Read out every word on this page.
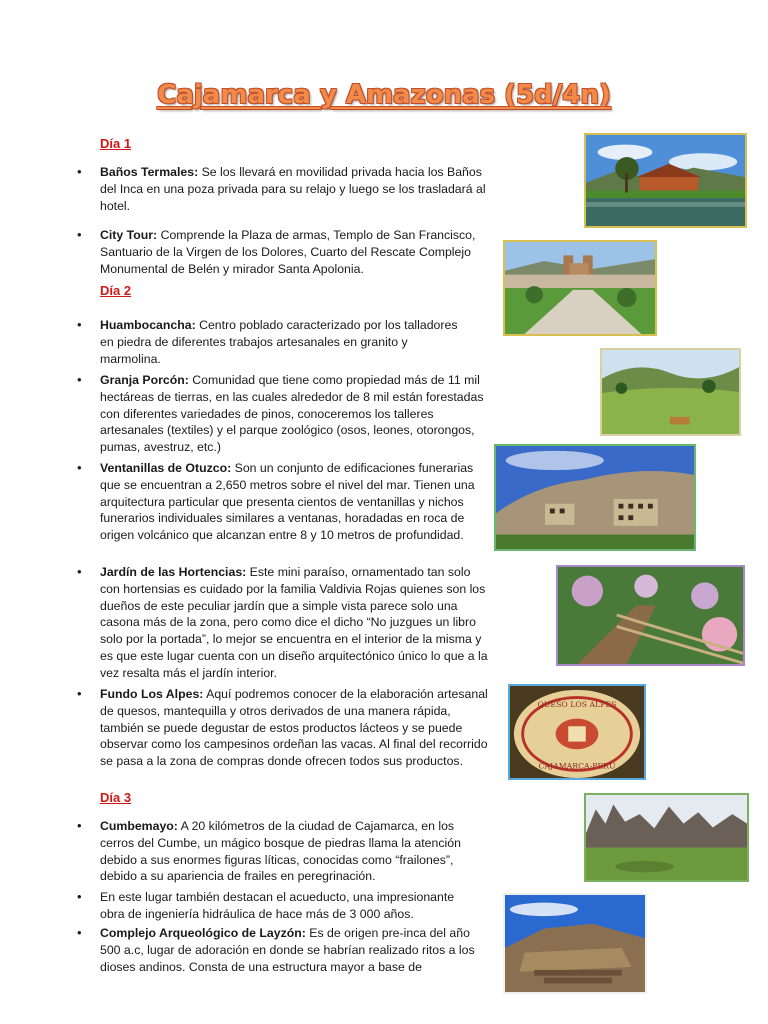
Cajamarca y Amazonas (5d/4n)
Día 1
Día 2
Día 3
• Baños Termales: Se los llevará en movilidad privada hacia los Baños del Inca en una poza privada para su relajo y luego se los trasladará al hotel.
• City Tour: Comprende la Plaza de armas, Templo de San Francisco, Santuario de la Virgen de los Dolores, Cuarto del Rescate Complejo Monumental de Belén y mirador Santa Apolonia.
• Huambocancha: Centro poblado caracterizado por los talladores en piedra de diferentes trabajos artesanales en granito y marmolina.
• Granja Porcón: Comunidad que tiene como propiedad más de 11 mil hectáreas de tierras, en las cuales alrededor de 8 mil están forestadas con diferentes variedades de pinos, conoceremos los talleres artesanales (textiles) y el parque zoológico (osos, leones, otorongos, pumas, avestruz, etc.)
• Ventanillas de Otuzco: Son un conjunto de edificaciones funerarias que se encuentran a 2,650 metros sobre el nivel del mar. Tienen una arquitectura particular que presenta cientos de ventanillas y nichos funerarios individuales similares a ventanas, horadadas en roca de origen volcánico que alcanzan entre 8 y 10 metros de profundidad.
• Jardín de las Hortencias: Este mini paraíso, ornamentado tan solo con hortensias es cuidado por la familia Valdivia Rojas quienes son los dueños de este peculiar jardín que a simple vista parece solo una casona más de la zona, pero como dice el dicho “No juzgues un libro solo por la portada”, lo mejor se encuentra en el interior de la misma y es que este lugar cuenta con un diseño arquitectónico único lo que a la vez resalta más el jardín interior.
• Fundo Los Alpes: Aquí podremos conocer de la elaboración artesanal de quesos, mantequilla y otros derivados de una manera rápida, también se puede degustar de estos productos lácteos y se puede observar como los campesinos ordeñan las vacas. Al final del recorrido se pasa a la zona de compras donde ofrecen todos sus productos.
• Cumbemayo: A 20 kilómetros de la ciudad de Cajamarca, en los cerros del Cumbe, un mágico bosque de piedras llama la atención debido a sus enormes figuras líticas, conocidas como “frailones”, debido a su apariencia de frailes en peregrinación.
• En este lugar también destacan el acueducto, una impresionante obra de ingeniería hidráulica de hace más de 3 000 años.
• Complejo Arqueológico de Layzón: Es de origen pre-inca del año 500 a.c, lugar de adoración en donde se habrían realizado ritos a los dioses andinos. Consta de una estructura mayor a base de
QUESO LOS ALPES
CAJAMARCA-PERU
